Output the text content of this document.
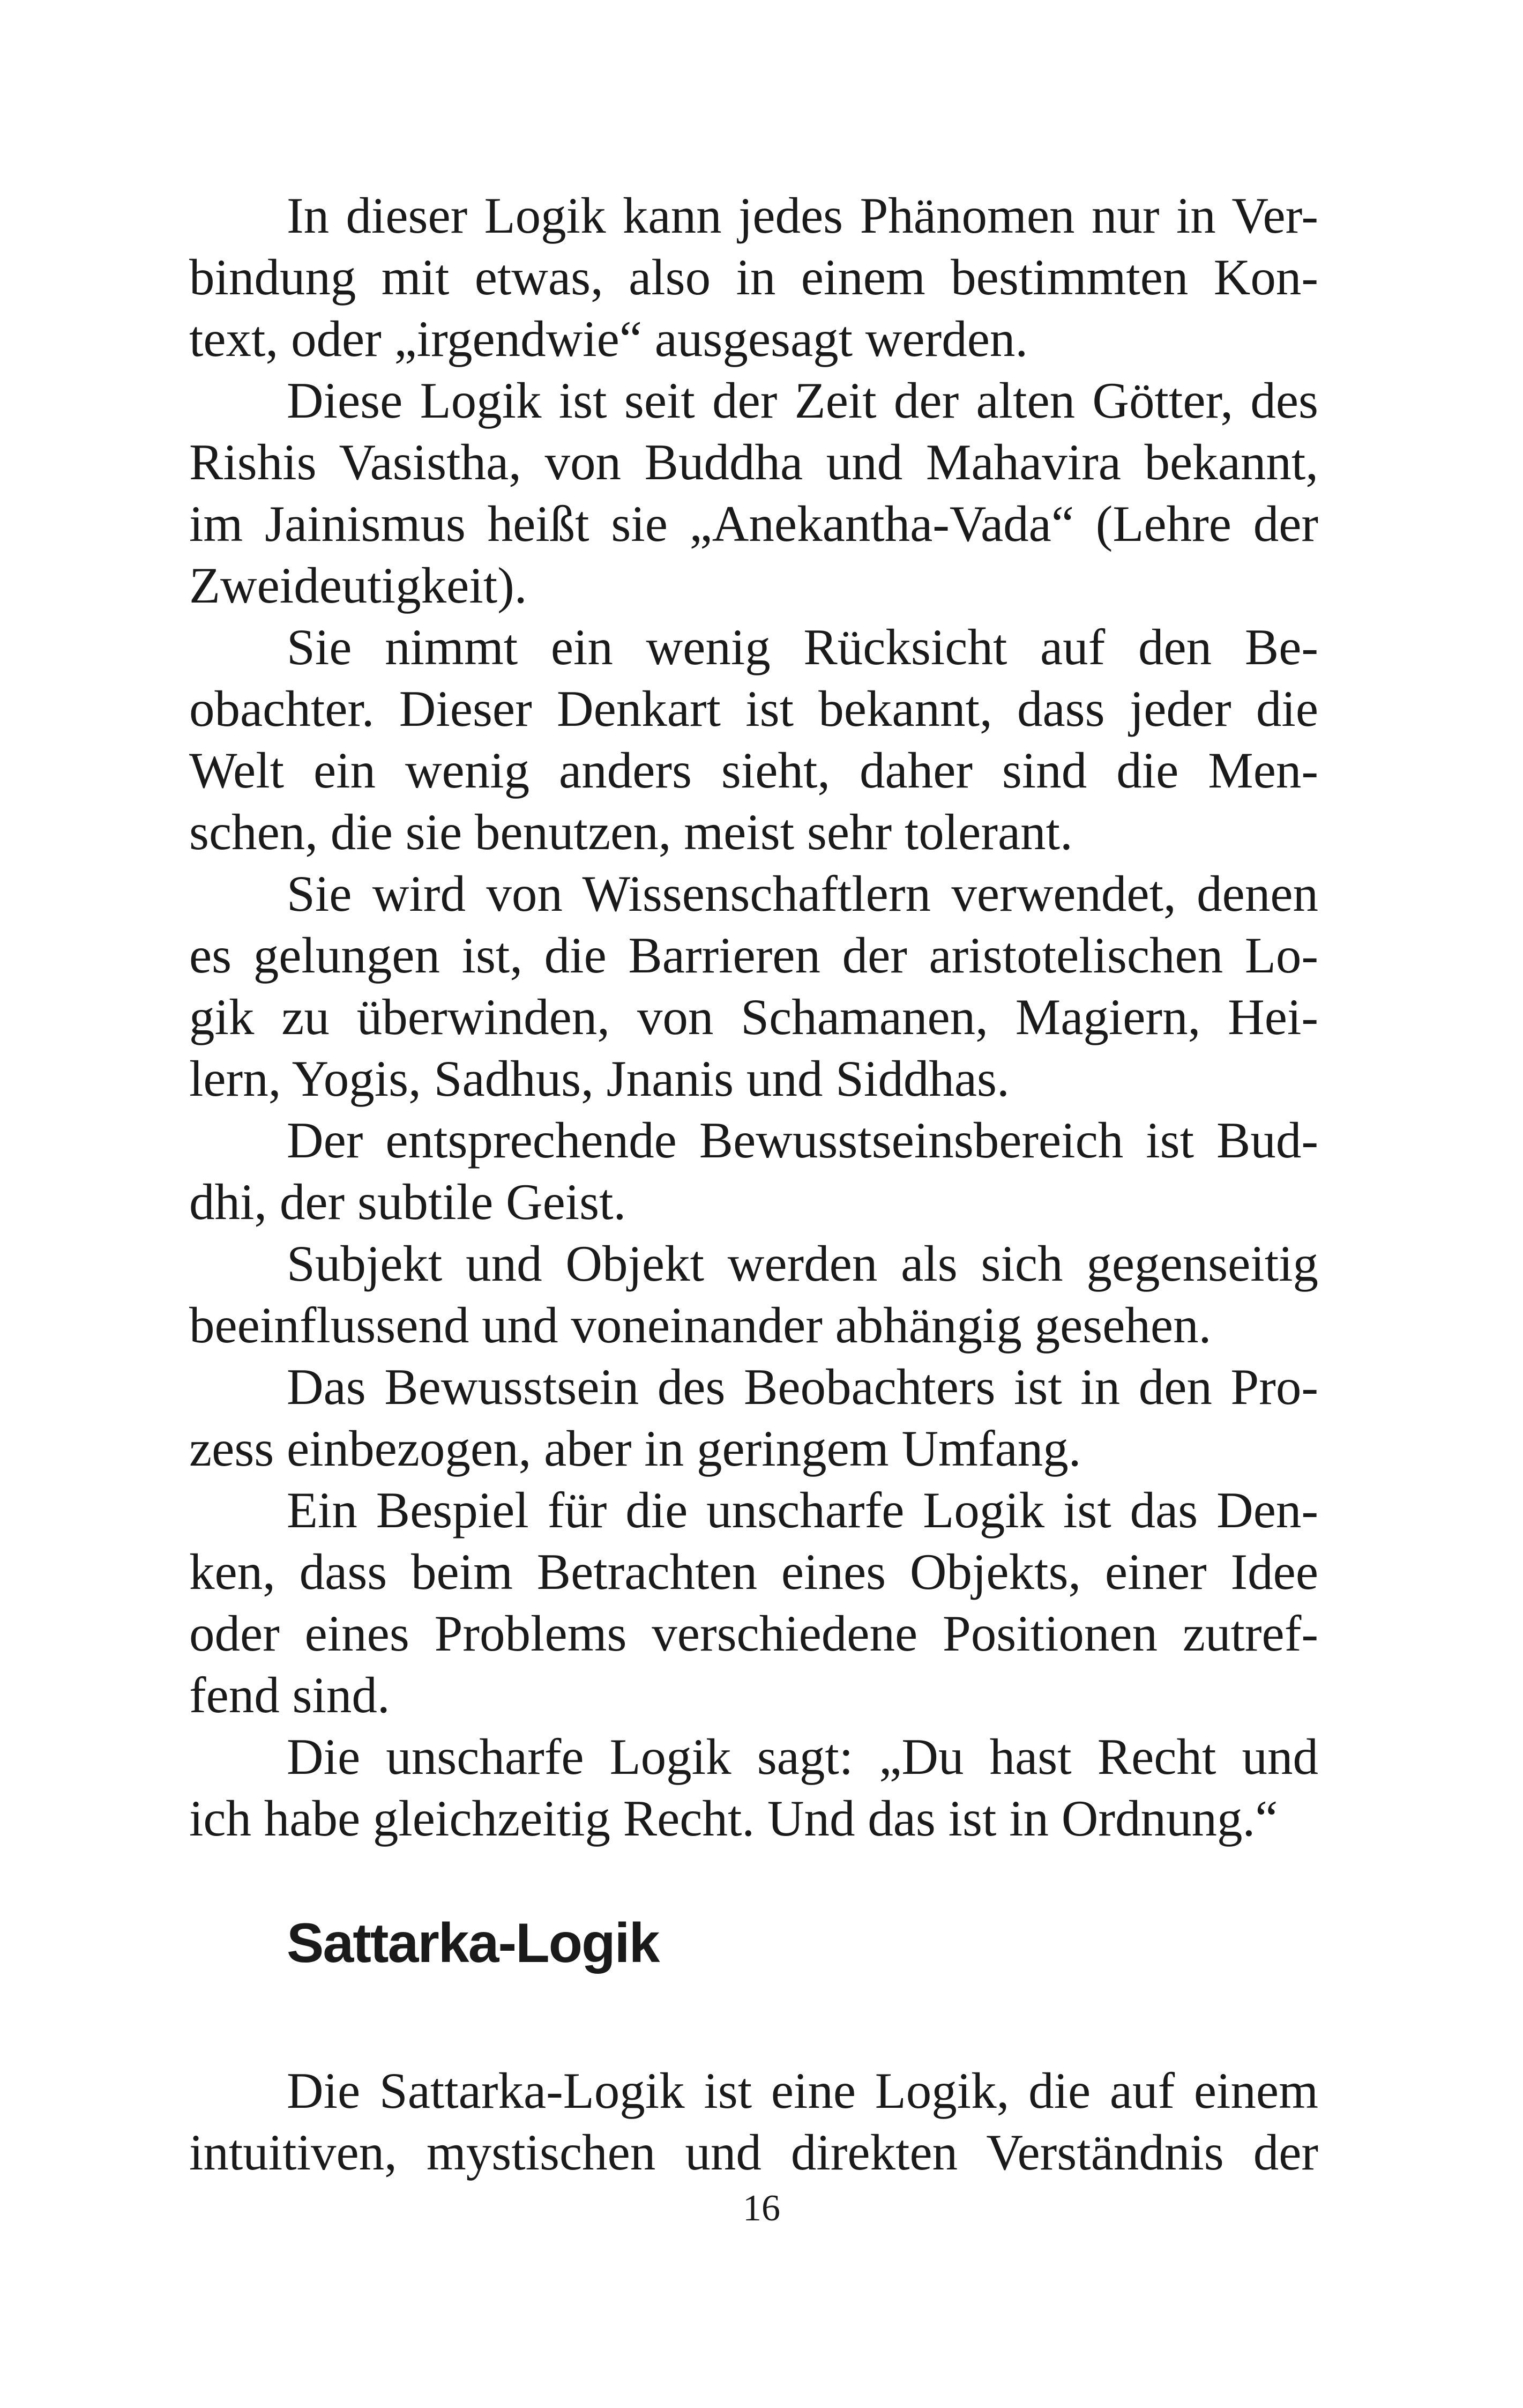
In dieser Logik kann jedes Phänomen nur in Ver-
bindung mit etwas, also in einem bestimmten Kon-
text, oder „irgendwie“ ausgesagt werden.
Diese Logik ist seit der Zeit der alten Götter, des
Rishis Vasistha, von Buddha und Mahavira bekannt,
im Jainismus heißt sie „Anekantha-Vada“ (Lehre der
Zweideutigkeit).
Sie nimmt ein wenig Rücksicht auf den Be-
obachter. Dieser Denkart ist bekannt, dass jeder die
Welt ein wenig anders sieht, daher sind die Men-
schen, die sie benutzen, meist sehr tolerant.
Sie wird von Wissenschaftlern verwendet, denen
es gelungen ist, die Barrieren der aristotelischen Lo-
gik zu überwinden, von Schamanen, Magiern, Hei-
lern, Yogis, Sadhus, Jnanis und Siddhas.
Der entsprechende Bewusstseinsbereich ist Bud-
dhi, der subtile Geist.
Subjekt und Objekt werden als sich gegenseitig
beeinflussend und voneinander abhängig gesehen.
Das Bewusstsein des Beobachters ist in den Pro-
zess einbezogen, aber in geringem Umfang.
Ein Bespiel für die unscharfe Logik ist das Den-
ken, dass beim Betrachten eines Objekts, einer Idee
oder eines Problems verschiedene Positionen zutref-
fend sind.
Die unscharfe Logik sagt: „Du hast Recht und
ich habe gleichzeitig Recht. Und das ist in Ordnung.“
Die Sattarka-Logik ist eine Logik, die auf einem
intuitiven, mystischen und direkten Verständnis der
Sattarka-Logik
16
